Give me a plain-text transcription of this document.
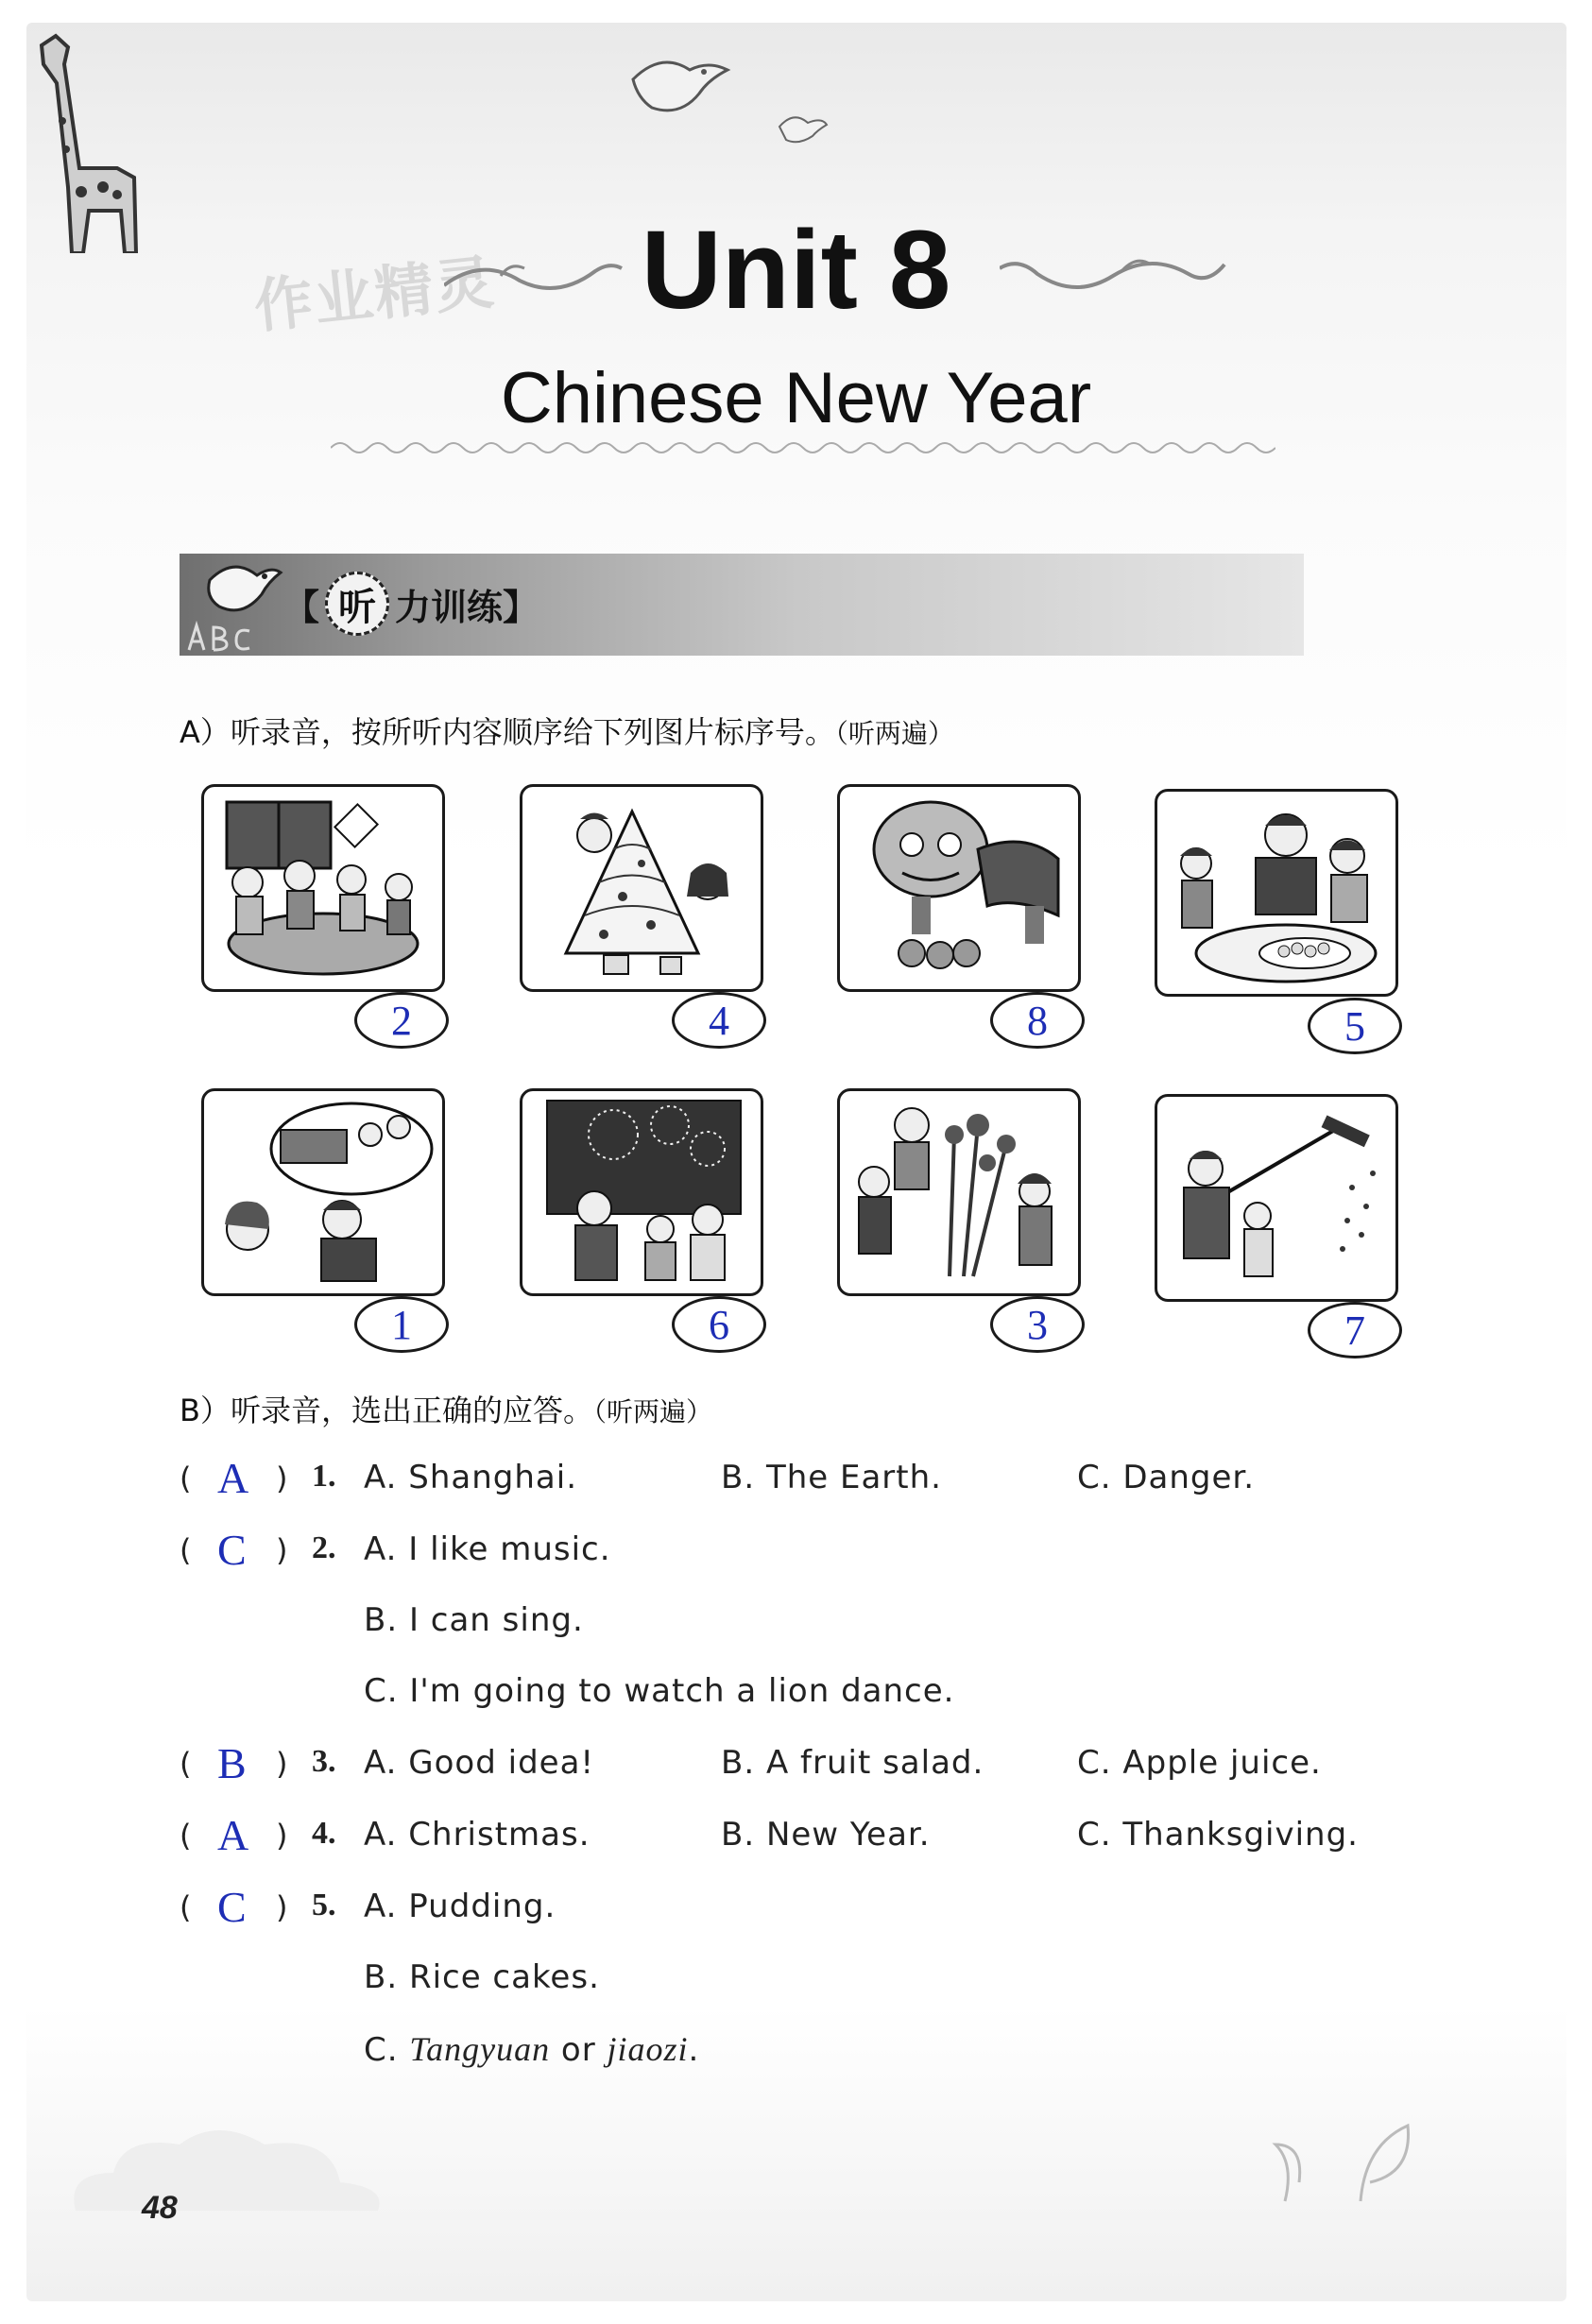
作业精灵	Unit 8
Chinese New Year
【 听 力训练】
A）听录音，按所听内容顺序给下列图片标序号。（听两遍）
2	4	8	5
1	6	3	7
B）听录音，选出正确的应答。（听两遍）
( A ) 1. A. Shanghai.	B. The Earth.	C. Danger.
( C ) 2. A. I like music.
B. I can sing.
C. I'm going to watch a lion dance.
( B ) 3. A. Good idea!	B. A fruit salad.	C. Apple juice.
( A ) 4. A. Christmas.	B. New Year.	C. Thanksgiving.
( C ) 5. A. Pudding.
B. Rice cakes.
C. Tangyuan or jiaozi.
48
